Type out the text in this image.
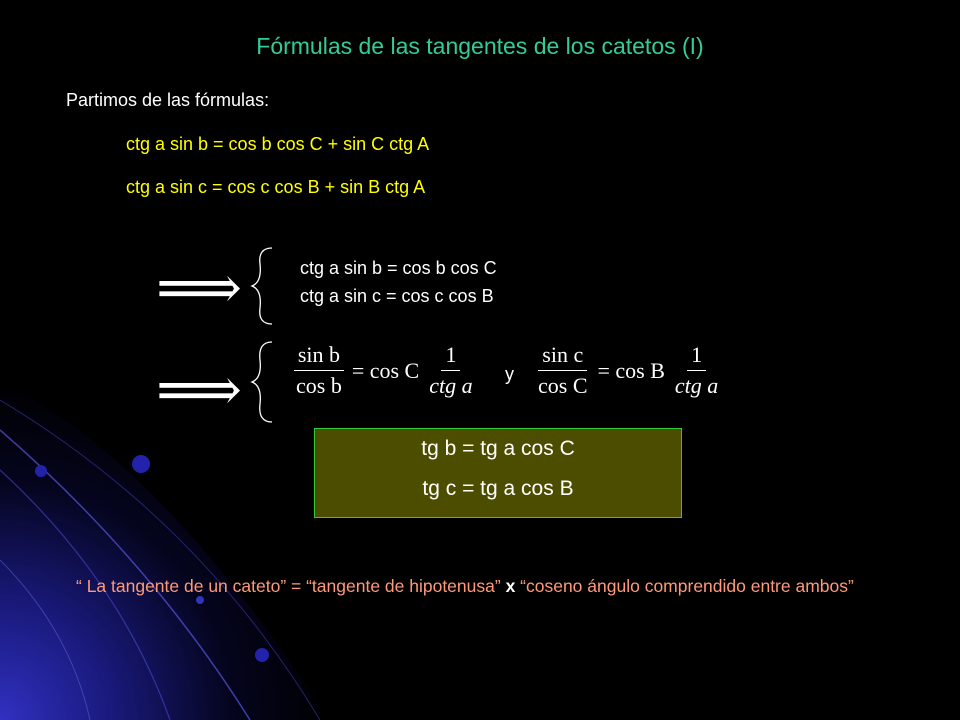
Fórmulas de las tangentes de los catetos (I)
Partimos de las fórmulas:
ctg a sin b = cos b cos C + sin C ctg A
ctg a sin c = cos c cos B + sin B ctg A
⟹	ctg a sin b = cos b cos C
ctg a sin c = cos c cos B
⟹ $\frac{\text{sin b}}{\text{cos b}} = \cos C \frac{1}{\text{ctg a}}$ y $\frac{\text{sin c}}{\text{cos C}} = \cos B \frac{1}{\text{ctg a}}$
tg b = tg a cos C
tg c = tg a cos B
“ La tangente de un cateto” = “tangente de hipotenusa” x “coseno ángulo comprendido entre ambos”
